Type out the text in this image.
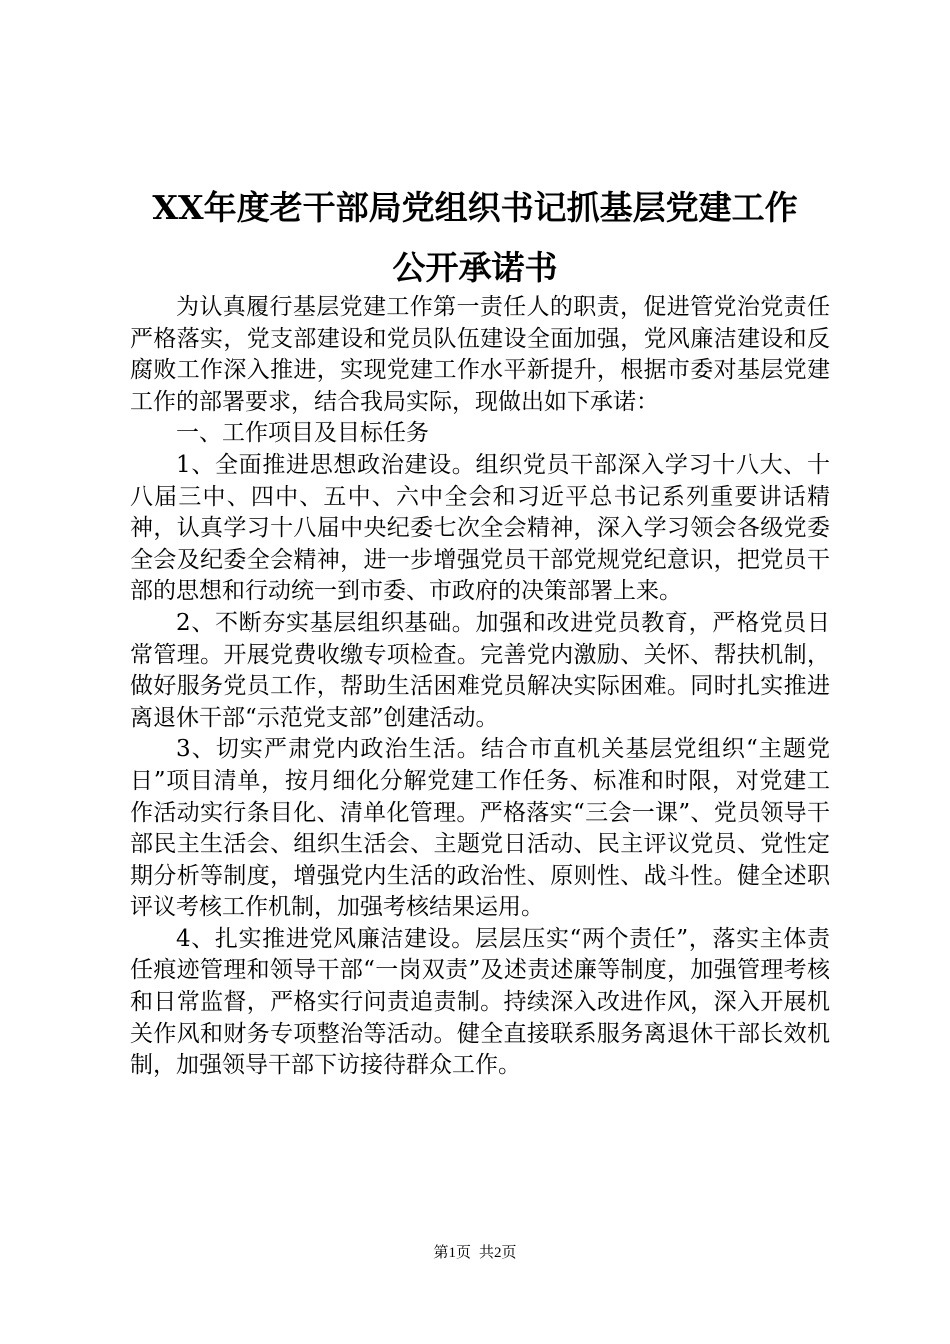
XX年度老干部局党组织书记抓基层党建工作
公开承诺书

为认真履行基层党建工作第一责任人的职责，促进管党治党责任严格落实，党支部建设和党员队伍建设全面加强，党风廉洁建设和反腐败工作深入推进，实现党建工作水平新提升，根据市委对基层党建工作的部署要求，结合我局实际，现做出如下承诺：

一、工作项目及目标任务

1、全面推进思想政治建设。组织党员干部深入学习十八大、十八届三中、四中、五中、六中全会和习近平总书记系列重要讲话精神，认真学习十八届中央纪委七次全会精神，深入学习领会各级党委全会及纪委全会精神，进一步增强党员干部党规党纪意识，把党员干部的思想和行动统一到市委、市政府的决策部署上来。

2、不断夯实基层组织基础。加强和改进党员教育，严格党员日常管理。开展党费收缴专项检查。完善党内激励、关怀、帮扶机制，做好服务党员工作，帮助生活困难党员解决实际困难。同时扎实推进离退休干部“示范党支部”创建活动。

3、切实严肃党内政治生活。结合市直机关基层党组织“主题党日”项目清单，按月细化分解党建工作任务、标准和时限，对党建工作活动实行条目化、清单化管理。严格落实“三会一课”、党员领导干部民主生活会、组织生活会、主题党日活动、民主评议党员、党性定期分析等制度，增强党内生活的政治性、原则性、战斗性。健全述职评议考核工作机制，加强考核结果运用。

4、扎实推进党风廉洁建设。层层压实“两个责任”，落实主体责任痕迹管理和领导干部“一岗双责”及述责述廉等制度，加强管理考核和日常监督，严格实行问责追责制。持续深入改进作风，深入开展机关作风和财务专项整治等活动。健全直接联系服务离退休干部长效机制，加强领导干部下访接待群众工作。

第1页 共2页
